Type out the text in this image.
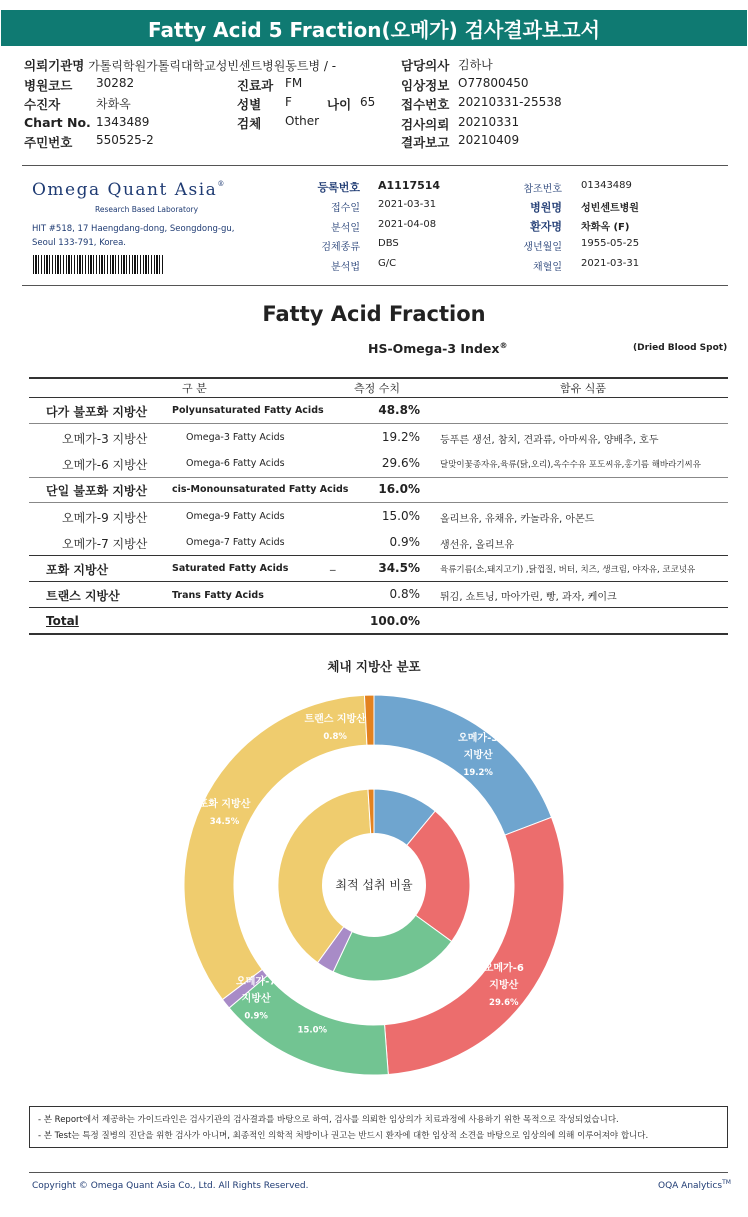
Fatty Acid 5 Fraction(오메가) 검사결과보고서
의뢰기관명 가톨릭학원가톨릭대학교성빈센트병원동트병 / -
병원코드 30282
수진자	차화옥
Chart No. 1343489
주민번호 550525-2
진료과 FM
성별 F	나이 65
검체 Other
담당의사 김하나
임상정보 O77800450
접수번호 20210331-25538
검사의뢰 20210331
결과보고 20210409
Omega Quant Asia®
Research Based Laboratory
HIT #518, 17 Haengdang-dong, Seongdong-gu,
Seoul 133-791, Korea.
등록번호 A1117514
접수일 2021-03-31
분석일 2021-04-08
검체종류 DBS
분석법 G/C
참조번호 01343489
병원명 성빈센트병원
환자명 차화옥 (F)
생년월일 1955-05-25
채혈일 2021-03-31
Fatty Acid Fraction
HS-Omega-3 Index®	(Dried Blood Spot)
구 분	측정 수치	함유 식품
다가 불포화 지방산	Polyunsaturated Fatty Acids	48.8%
오메가-3 지방산	Omega-3 Fatty Acids	19.2% 등푸른 생선, 참치, 견과류, 아마씨유, 양배추, 호두
오메가-6 지방산	Omega-6 Fatty Acids	29.6% 달맞이꽃종자유,육류(닭,오리),옥수수유 포도씨유,홍기름 해바라기씨유
단일 불포화 지방산	cis-Monounsaturated Fatty Acids	16.0%
오메가-9 지방산	Omega-9 Fatty Acids	15.0% 올리브유, 유채유, 카놀라유, 아몬드
오메가-7 지방산	Omega-7 Fatty Acids	0.9% 생선유, 올리브유
포화 지방산	Saturated Fatty Acids	_	34.5% 육류기름(소,돼지고기) ,닭껍질, 버터, 치즈, 생크림, 야자유, 코코넛유
트랜스 지방산	Trans Fatty Acids	0.8% 튀김, 쇼트닝, 마아가린, 빵, 과자, 케이크
Total	100.0%
체내 지방산 분포
최적 섭취 비율
오메가-3
지방산
19.2%
오메가-6
지방산
29.6%
15.0%
오메가-7
지방산
0.9%
포화 지방산
34.5%
트랜스 지방산
0.8%
- 본 Report에서 제공하는 가이드라인은 검사기관의 검사결과를 바탕으로 하여, 검사를 의뢰한 임상의가 치료과정에 사용하기 위한 목적으로 작성되었습니다.
- 본 Test는 특정 질병의 진단을 위한 검사가 아니며, 최종적인 의학적 처방이나 권고는 반드시 환자에 대한 임상적 소견을 바탕으로 임상의에 의해 이루어져야 합니다.
Copyright © Omega Quant Asia Co., Ltd. All Rights Reserved.	OQA Analytics™
